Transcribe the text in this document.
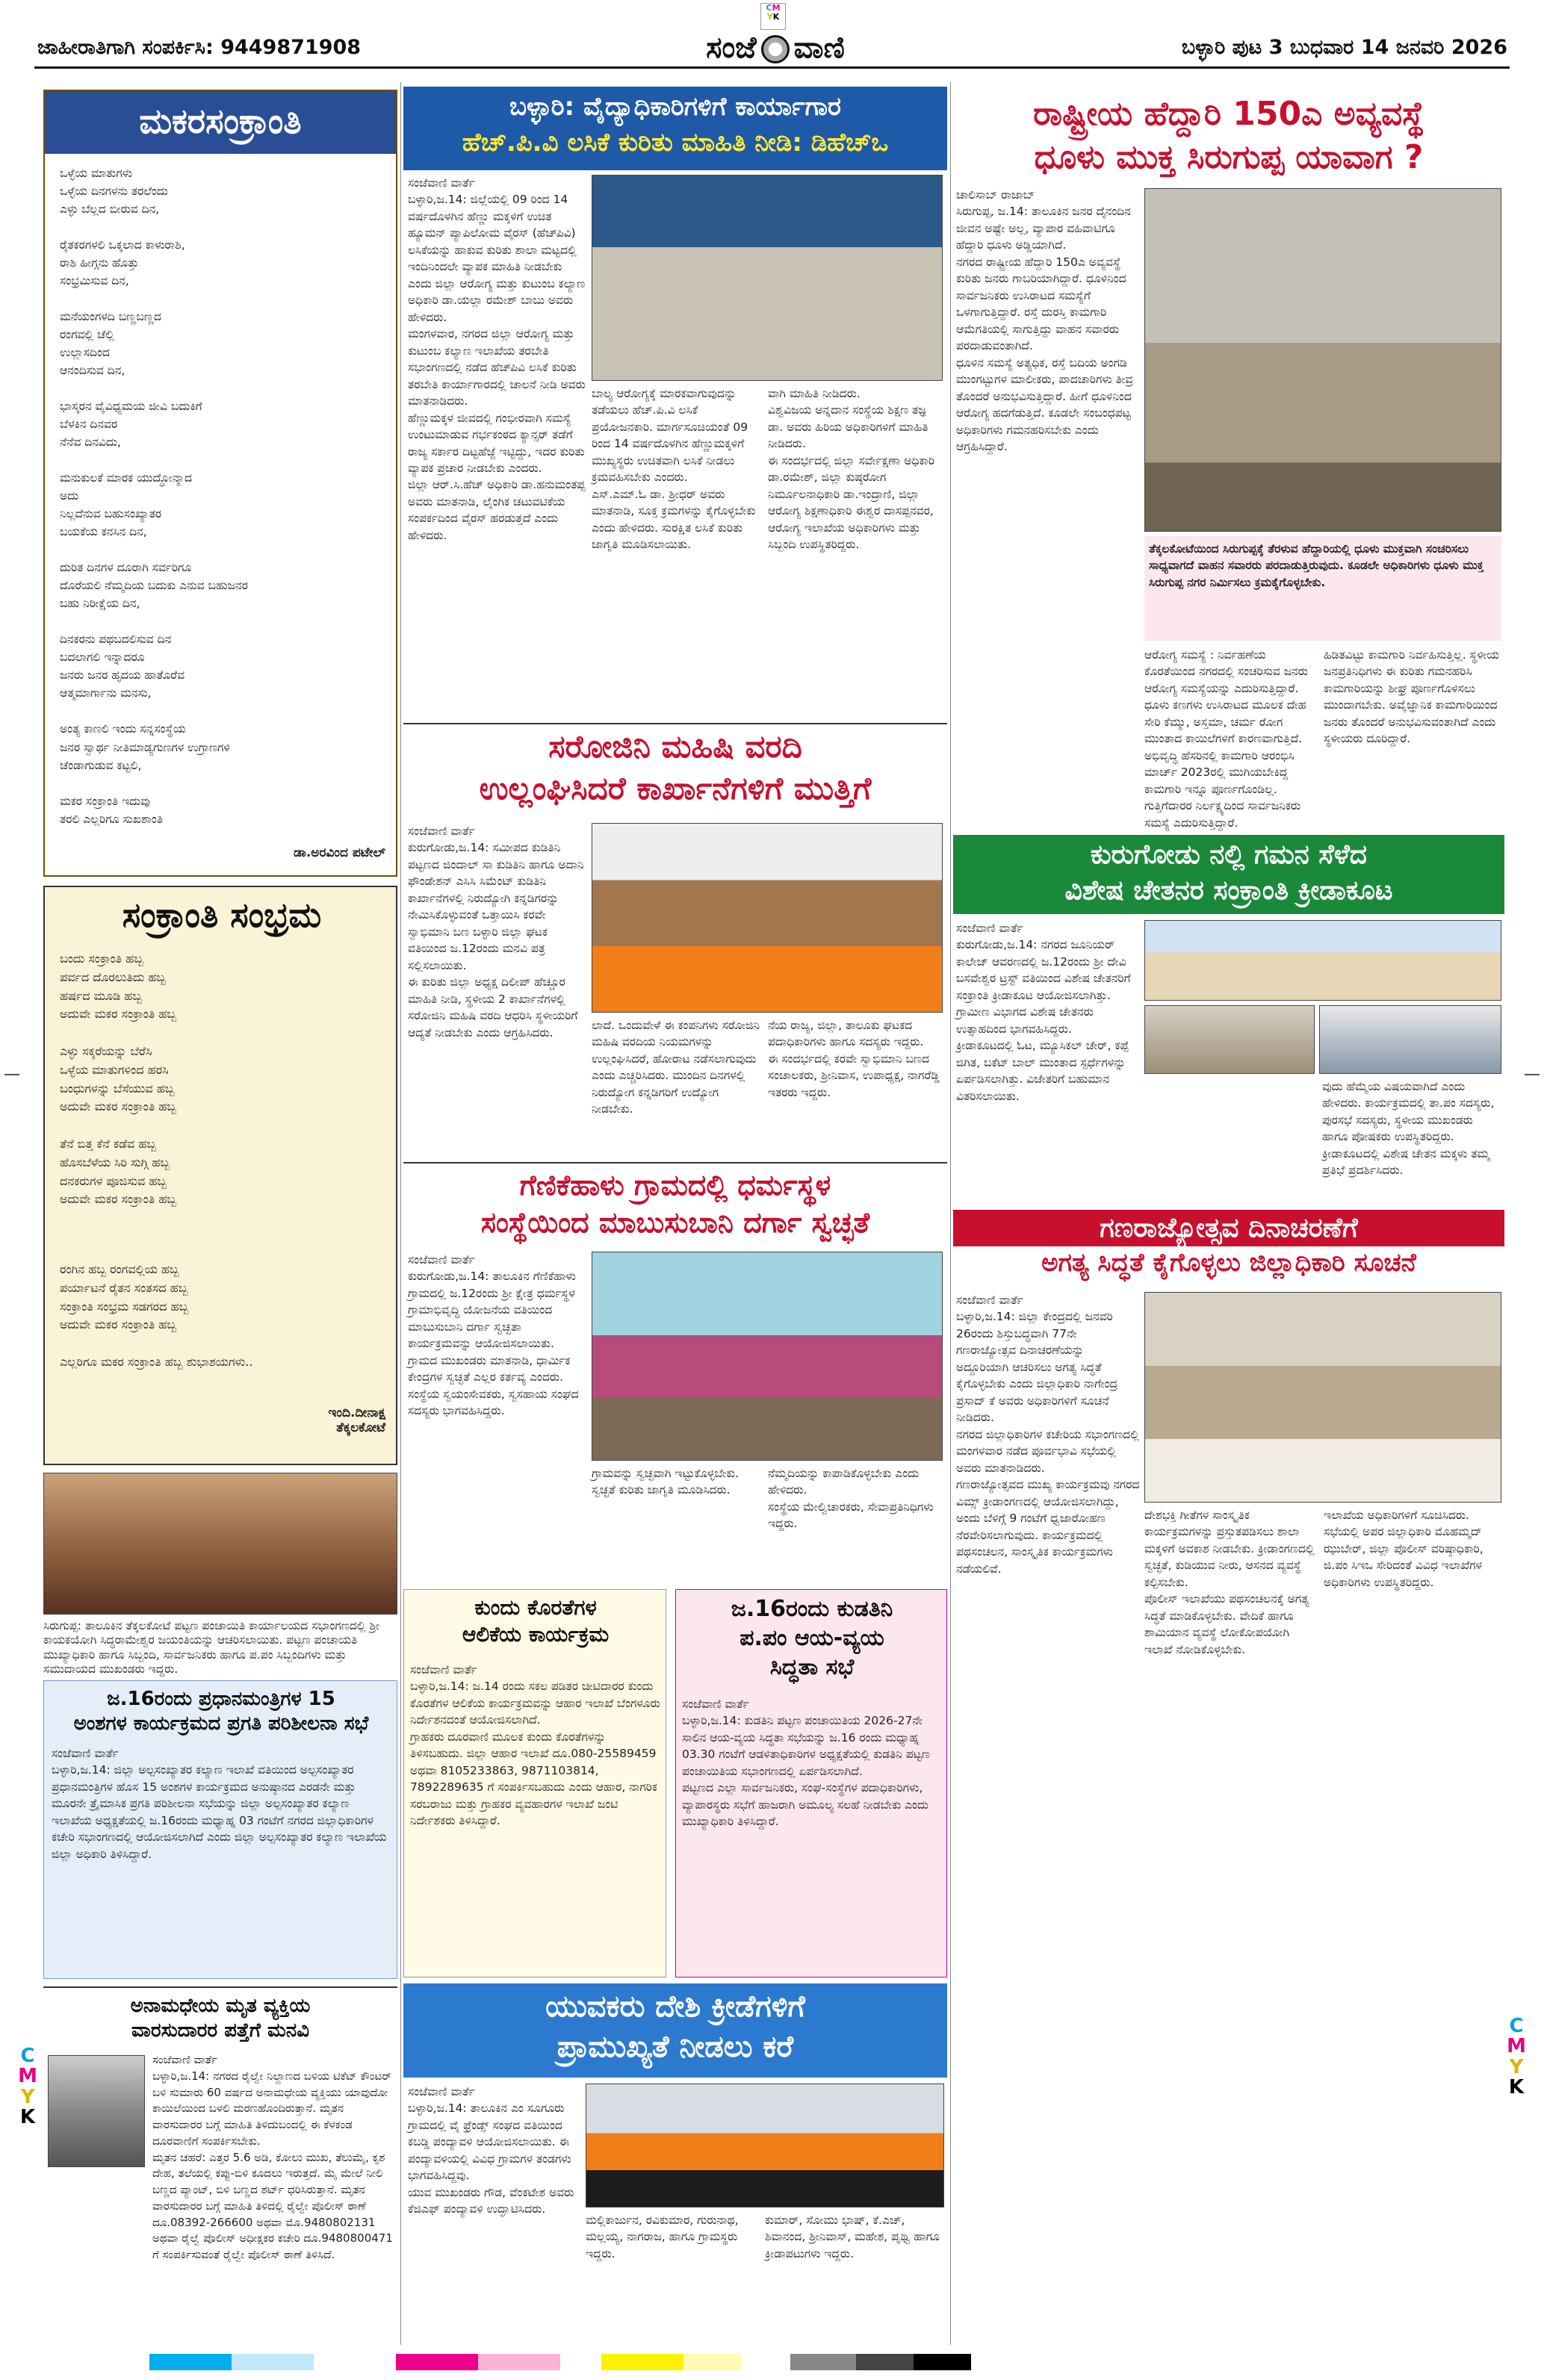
CM
YK
C
M
Y
K
C
M
Y
K
ಜಾಹೀರಾತಿಗಾಗಿ ಸಂಪರ್ಕಿಸಿ: 9449871908	ಸಂಜೆ ವಾಣಿ	ಬಳ್ಳಾರಿ ಪುಟ 3 ಬುಧವಾರ 14 ಜನವರಿ 2026
ಮಕರಸಂಕ್ರಾಂತಿ
ಒಳ್ಳೆಯ ಮಾತುಗಳು
ಒಳ್ಳೆಯ ದಿನಗಳನು ತರಲೆಂದು
ಎಳ್ಳು ಬೆಲ್ಲದ ಬೀರುವ ದಿನ,

ರೈತಕರಗಳಲಿ ಒಕ್ಕಲಾದ ಕಾಳುರಾಶಿ,
ರಾಶಿ ಹೀಗ್ಗನು ಹೊತ್ತು
ಸಂಭ್ರಮಿಸುವ ದಿನ,

ಮನೆಯಂಗಳದಿ ಬಣ್ಣಬಣ್ಣದ
ರಂಗವಲ್ಲಿ ಚೆಲ್ಲಿ
ಉಲ್ಲಾಸದಿಂದ
ಆನಂದಿಸುವ ದಿನ,

ಭಾಸ್ಕರನ ವೈವಿಧ್ಯಮಯ ಜೀವಿ ಬದುಕಿಗೆ
ಬೆಳಕಿನ ದಿನವರ
ನೆನೆವ ದಿನವಿದು,

ಮನುಕುಲಕೆ ಮಾರಕ ಯುದ್ಧೋನ್ಮಾದ
ಅದು
ನಿಲ್ಲದೆನುವ ಬಹುಸಂಖ್ಯಾತರ
ಬಯಕೆಯ ಕನಸಿನ ದಿನ,

ದುರಿತ ದಿನಗಳ ದೂರಾಗಿ ಸರ್ವರಿಗೂ
ದೊರೆಯಲಿ ನೆಮ್ಮದಿಯ ಬದುಕು ಎನುವ ಬಹುಜನರ
ಬಹು ನಿರೀಕ್ಷೆಯ ದಿನ,

ದಿನಕರನು ಪಥಬದಲಿಸುವ ದಿನ
ಬದಲಾಗಲಿ ಇನ್ನಾದರೂ
ಜನರು ಜನರ ಹೃದಯ ಹಾತೊರೆವ
ಆತ್ಮಮಾರ್ಗಾನು ಮನಸು,

ಅಂತ್ಯ ಕಾಣಲಿ ಇಂದು ಸನ್ನಸಂಸ್ಥೆಯ
ಜನರ ಸ್ವಾರ್ಥ ನೀತಿಮಾಡ್ಯಗುಣಗಳ ಉಗ್ರಾಣಗಳಿ
ಚೆಂಡಾಗುಡುವ ಕಟ್ಟಲಿ,

ಮಕರ ಸಂಕ್ರಾಂತಿ ಇದುವು
ತರಲಿ ಎಲ್ಲರಿಗೂ ಸುಖಶಾಂತಿ
ಡಾ.ಅರವಿಂದ ಪಟೇಲ್
ಸಂಕ್ರಾಂತಿ ಸಂಭ್ರಮ
ಬಂದು ಸಂಕ್ರಾಂತಿ ಹಬ್ಬ
ಪರ್ವದ ದೊರಲುತಿದು ಹಬ್ಬ
ಹರ್ಷದ ಮೂಡಿ ಹಬ್ಬ
ಅದುವೇ ಮಕರ ಸಂಕ್ರಾಂತಿ ಹಬ್ಬ

ಎಳ್ಳು ಸಕ್ಕರೆಯನ್ನು ಬೆರೆಸಿ
ಒಳ್ಳೆಯ ಮಾತುಗಳಿಂದ ಹರಸಿ
ಬಂಧುಗಳನ್ನು ಬೆಸೆಯುವ ಹಬ್ಬ
ಅದುವೇ ಮಕರ ಸಂಕ್ರಾಂತಿ ಹಬ್ಬ

ತೆನೆ ಬಿತ್ತ ಕೆನೆ ಕಡೆವ ಹಬ್ಬ
ಹೊಸಬೆಳೆಯ ಸಿರಿ ಸುಗ್ಗಿ ಹಬ್ಬ
ದನಕರುಗಳ ಪೂಜಿಸುವ ಹಬ್ಬ
ಅದುವೇ ಮಕರ ಸಂಕ್ರಾಂತಿ ಹಬ್ಬ
ರಂಗಿನ ಹಬ್ಬ ರಂಗವಲ್ಲಿಯ ಹಬ್ಬ
ಪರ್ಯಾಟನೆ ರೈತನ ಸಂತಸದ ಹಬ್ಬ
ಸಂಕ್ರಾಂತಿ ಸಂಭ್ರಮ ಸಡಗರದ ಹಬ್ಬ
ಅದುವೇ ಮಕರ ಸಂಕ್ರಾಂತಿ ಹಬ್ಬ

ಎಲ್ಲರಿಗೂ ಮಕರ ಸಂಕ್ರಾಂತಿ ಹಬ್ಬ ಶುಭಾಶಯಗಳು..
ಇಂದಿ.ದೀನಾಕ್ಷ
ತೆಕ್ಕಲಕೋಟೆ
ಸಿರುಗುಪ್ಪ: ತಾಲೂಕಿನ ತೆಕ್ಕಲಕೋಟೆ ಪಟ್ಟಣ ಪಂಚಾಯಿತಿ ಕಾರ್ಯಾಲಯದ ಸಭಾಂಗಣದಲ್ಲಿ ಶ್ರೀ ಕಾಯಕಯೋಗಿ ಸಿದ್ಧರಾಮೇಶ್ವರ ಜಯಂತಿಯನ್ನು ಆಚರಿಸಲಾಯಿತು. ಪಟ್ಟಣ ಪಂಚಾಯತಿ ಮುಖ್ಯಾಧಿಕಾರಿ ಹಾಗೂ ಸಿಬ್ಬಂದಿ, ಸಾರ್ವಜನಿಕರು ಹಾಗೂ ಪ.ಪಂ ಸಿಬ್ಬಂದಿಗಳು ಮತ್ತು ಸಮುದಾಯದ ಮುಖಂಡರು ಇದ್ದರು.
ಜ.16ರಂದು ಪ್ರಧಾನಮಂತ್ರಿಗಳ 15
ಅಂಶಗಳ ಕಾರ್ಯಕ್ರಮದ ಪ್ರಗತಿ ಪರಿಶೀಲನಾ ಸಭೆ
ಸಂಜೆವಾಣಿ ವಾರ್ತೆ
ಬಳ್ಳಾರಿ,ಜ.14: ಜಿಲ್ಲಾ ಅಲ್ಪಸಂಖ್ಯಾತರ ಕಲ್ಯಾಣ ಇಲಾಖೆ ವತಿಯಿಂದ ಅಲ್ಪಸಂಖ್ಯಾತರ ಪ್ರಧಾನಮಂತ್ರಿಗಳ ಹೊಸ 15 ಅಂಶಗಳ ಕಾರ್ಯಕ್ರಮದ ಅನುಷ್ಠಾನದ ಎರಡನೇ ಮತ್ತು ಮೂರನೇ ತ್ರೈಮಾಸಿಕ ಪ್ರಗತಿ ಪರಿಶೀಲನಾ ಸಭೆಯನ್ನು ಜಿಲ್ಲಾ ಅಲ್ಪಸಂಖ್ಯಾತರ ಕಲ್ಯಾಣ ಇಲಾಖೆಯ ಅಧ್ಯಕ್ಷತೆಯಲ್ಲಿ ಜ.16ರಂದು ಮಧ್ಯಾಹ್ನ 03 ಗಂಟೆಗೆ ನಗರದ ಜಿಲ್ಲಾಧಿಕಾರಿಗಳ ಕಚೇರಿ ಸಭಾಂಗಣದಲ್ಲಿ ಆಯೋಜಿಸಲಾಗಿದೆ ಎಂದು ಜಿಲ್ಲಾ ಅಲ್ಪಸಂಖ್ಯಾತರ ಕಲ್ಯಾಣ ಇಲಾಖೆಯ ಜಿಲ್ಲಾ ಅಧಿಕಾರಿ ತಿಳಿಸಿದ್ದಾರೆ.
ಅನಾಮಧೇಯ ಮೃತ ವ್ಯಕ್ತಿಯ
ವಾರಸುದಾರರ ಪತ್ತೆಗೆ ಮನವಿ
ಸಂಜೆವಾಣಿ ವಾರ್ತೆ
ಬಳ್ಳಾರಿ,ಜ.14: ನಗರದ ರೈಲ್ವೇ ನಿಲ್ದಾಣದ ಬಳಿಯ ಟಿಕೆಟ್ ಕೌಂಟರ್ ಬಳಿ ಸುಮಾರು 60 ವರ್ಷದ ಅನಾಮಧೇಯ ವ್ಯಕ್ತಿಯು ಯಾವುದೋ ಕಾಯಿಲೆಯಿಂದ ಬಳಲಿ ಮರಣಹೊಂದಿರುತ್ತಾನೆ. ಮೃತನ ವಾರಸುದಾರರ ಬಗ್ಗೆ ಮಾಹಿತಿ ತಿಳಿದುಬಂದಲ್ಲಿ ಈ ಕೆಳಕಂಡ ದೂರವಾಣಿಗೆ ಸಂಪರ್ಕಿಸಬೇಕು.
ಮೃತನ ಚಹರೆ: ಎತ್ತರ 5.6 ಅಡಿ, ಕೋಲು ಮುಖ, ತೆಲುಮೈ, ಕೃಶ ದೇಹ, ತಲೆಯಲ್ಲಿ ಕಪ್ಪು-ಬಿಳಿ ಕೂದಲು ಇರುತ್ತದೆ. ಮೈ ಮೇಲೆ ನೀಲಿ ಬಣ್ಣದ ಪ್ಯಾಂಟ್, ಬಿಳಿ ಬಣ್ಣದ ಶರ್ಟ್ ಧರಿಸಿರುತ್ತಾನೆ. ಮೃತನ ವಾರಸುದಾರರ ಬಗ್ಗೆ ಮಾಹಿತಿ ತಿಳಿದಲ್ಲಿ ರೈಲ್ವೇ ಪೊಲೀಸ್ ಠಾಣೆ ದೂ.08392-266600 ಅಥವಾ ಮೊ.9480802131 ಅಥವಾ ರೈಲ್ವೆ ಪೊಲೀಸ್ ಅಧೀಕ್ಷಕರ ಕಚೇರಿ ದೂ.9480800471 ಗೆ ಸಂಪರ್ಕಿಸುವಂತೆ ರೈಲ್ವೇ ಪೊಲೀಸ್ ಠಾಣೆ ತಿಳಿಸಿದೆ.
ಬಳ್ಳಾರಿ: ವೈದ್ಯಾಧಿಕಾರಿಗಳಿಗೆ ಕಾರ್ಯಾಗಾರ
ಹೆಚ್.ಪಿ.ವಿ ಲಸಿಕೆ ಕುರಿತು ಮಾಹಿತಿ ನೀಡಿ: ಡಿಹೆಚ್ಒ
ಸಂಜೆವಾಣಿ ವಾರ್ತೆ
ಬಳ್ಳಾರಿ,ಜ.14: ಜಿಲ್ಲೆಯಲ್ಲಿ 09 ರಿಂದ 14 ವರ್ಷದೊಳಗಿನ ಹೆಣ್ಣು ಮಕ್ಕಳಿಗೆ ಉಚಿತ ಹ್ಯೂಮನ್ ಪ್ಯಾಪಿಲೋಮ ವೈರಸ್ (ಹೆಚ್‍ಪಿವಿ) ಲಸಿಕೆಯನ್ನು ಹಾಕುವ ಕುರಿತು ಶಾಲಾ ಮಟ್ಟದಲ್ಲಿ ಇಂದಿನಿಂದಲೇ ವ್ಯಾಪಕ ಮಾಹಿತಿ ನೀಡಬೇಕು ಎಂದು ಜಿಲ್ಲಾ ಆರೋಗ್ಯ ಮತ್ತು ಕುಟುಂಬ ಕಲ್ಯಾಣ ಅಧಿಕಾರಿ ಡಾ.ಯಲ್ಲಾ ರಮೇಶ್ ಬಾಬು ಅವರು ಹೇಳಿದರು.
ಮಂಗಳವಾರ, ನಗರದ ಜಿಲ್ಲಾ ಆರೋಗ್ಯ ಮತ್ತು ಕುಟುಂಬ ಕಲ್ಯಾಣ ಇಲಾಖೆಯ ತರಬೇತಿ ಸಭಾಂಗಣದಲ್ಲಿ ನಡೆದ ಹೆಚ್‍ಪಿವಿ ಲಸಿಕೆ ಕುರಿತು ತರಬೇತಿ ಕಾರ್ಯಾಗಾರದಲ್ಲಿ ಚಾಲನೆ ನೀಡಿ ಅವರು ಮಾತನಾಡಿದರು.
ಹೆಣ್ಣುಮಕ್ಕಳ ಜೀವದಲ್ಲಿ ಗಂಭೀರವಾಗಿ ಸಮಸ್ಯೆ ಉಂಟುಮಾಡುವ ಗರ್ಭಕಂಠದ ಕ್ಯಾನ್ಸರ್ ತಡೆಗೆ ರಾಜ್ಯ ಸರ್ಕಾರ ದಿಟ್ಟಹೆಜ್ಜೆ ಇಟ್ಟಿದ್ದು, ಇದರ ಕುರಿತು ವ್ಯಾಪಕ ಪ್ರಚಾರ ನೀಡಬೇಕು ಎಂದರು.
ಜಿಲ್ಲಾ ಆರ್‌.ಸಿ.ಹೆಚ್ ಅಧಿಕಾರಿ ಡಾ.ಹನುಮಂತಪ್ಪ ಅವರು ಮಾತನಾಡಿ, ಲೈಂಗಿಕ ಚಟುವಟಿಕೆಯ ಸಂಪರ್ಕದಿಂದ ವೈರಸ್ ಹರಡುತ್ತದೆ ಎಂದು ಹೇಳಿದರು.
ಬಾಲ್ಯ ಆರೋಗ್ಯಕ್ಕೆ ಮಾರಕವಾಗುವುದನ್ನು ತಡೆಯಲು ಹೆಚ್.ಪಿ.ವಿ ಲಸಿಕೆ ಪ್ರಯೋಜನಕಾರಿ. ಮಾರ್ಗಸೂಚಿಯಂತೆ 09 ರಿಂದ 14 ವರ್ಷದೊಳಗಿನ ಹೆಣ್ಣುಮಕ್ಕಳಿಗೆ ಮುಖ್ಯಸ್ಥರು ಉಚಿತವಾಗಿ ಲಸಿಕೆ ನೀಡಲು ಕ್ರಮವಹಿಸಬೇಕು ಎಂದರು.
ಎಸ್.ಎಮ್.ಓ ಡಾ. ಶ್ರೀಧರ್ ಅವರು ಮಾತನಾಡಿ, ಸೂಕ್ತ ಕ್ರಮಗಳನ್ನು ಕೈಗೊಳ್ಳಬೇಕು ಎಂದು ಹೇಳಿದರು. ಸುರಕ್ಷಿತ ಲಸಿಕೆ ಕುರಿತು ಜಾಗೃತಿ ಮೂಡಿಸಲಾಯಿತು.
ವಾಗಿ ಮಾಹಿತಿ ನೀಡಿದರು.
ವಿಶ್ವವಿಜಯ ಅನ್ನದಾನ ಸಂಸ್ಥೆಯ ಶಿಕ್ಷಣ ತಜ್ಞ ಡಾ. ಅವರು ಹಿರಿಯ ಅಧಿಕಾರಿಗಳಿಗೆ ಮಾಹಿತಿ ನೀಡಿದರು.
ಈ ಸಂದರ್ಭದಲ್ಲಿ ಜಿಲ್ಲಾ ಸರ್ವೇಕ್ಷಣಾ ಅಧಿಕಾರಿ ಡಾ.ರಮೇಶ್, ಜಿಲ್ಲಾ ಕುಷ್ಠರೋಗ ನಿರ್ಮೂಲನಾಧಿಕಾರಿ ಡಾ.ಇಂದ್ರಾಣಿ, ಜಿಲ್ಲಾ ಆರೋಗ್ಯ ಶಿಕ್ಷಣಾಧಿಕಾರಿ ಈಶ್ವರ ದಾಸಪ್ಪನವರ, ಆರೋಗ್ಯ ಇಲಾಖೆಯ ಅಧಿಕಾರಿಗಳು ಮತ್ತು ಸಿಬ್ಬಂದಿ ಉಪಸ್ಥಿತರಿದ್ದರು.
ಸರೋಜಿನಿ ಮಹಿಷಿ ವರದಿ
ಉಲ್ಲಂಘಿಸಿದರೆ ಕಾರ್ಖಾನೆಗಳಿಗೆ ಮುತ್ತಿಗೆ
ಸಂಜೆವಾಣಿ ವಾರ್ತೆ
ಕುರುಗೋಡು,ಜ.14: ಸಮೀಪದ ಕುಡಿತಿನಿ ಪಟ್ಟಣದ ಜಿಂದಾಲ್ ಸಾ ಕುಡಿತಿನಿ ಹಾಗೂ ಅದಾನಿ ಫೌಂಡೇಶನ್ ಎಸಿಸಿ ಸಿಮೆಂಟ್ ಕುಡಿತಿನಿ ಕಾರ್ಖಾನೆಗಳಲ್ಲಿ ನಿರುದ್ಯೋಗಿ ಕನ್ನಡಿಗರನ್ನು ನೇಮಿಸಿಕೊಳ್ಳುವಂತೆ ಒತ್ತಾಯಿಸಿ ಕರವೇ ಸ್ವಾಭಿಮಾನಿ ಬಣ ಬಳ್ಳಾರಿ ಜಿಲ್ಲಾ ಘಟಕ ವತಿಯಿಂದ ಜ.12ರಂದು ಮನವಿ ಪತ್ರ ಸಲ್ಲಿಸಲಾಯಿತು.
ಈ ಕುರಿತು ಜಿಲ್ಲಾ ಅಧ್ಯಕ್ಷ ದಿಲೀಪ್ ಹೆಚ್ಚೂರ ಮಾಹಿತಿ ನೀಡಿ, ಸ್ಥಳೀಯ 2 ಕಾರ್ಖಾನೆಗಳಲ್ಲಿ ಸರೋಜಿನಿ ಮಹಿಷಿ ವರದಿ ಆಧರಿಸಿ ಸ್ಥಳೀಯರಿಗೆ ಆದ್ಯತೆ ನೀಡಬೇಕು ಎಂದು ಆಗ್ರಹಿಸಿದರು.
ಲಾದೆ. ಒಂದುವೇಳೆ ಈ ಕಂಪನಿಗಳು ಸರೋಜಿನಿ ಮಹಿಷಿ ವರದಿಯ ನಿಯಮಗಳನ್ನು ಉಲ್ಲಂಘಿಸಿದರೆ, ಹೋರಾಟ ನಡೆಸಲಾಗುವುದು ಎಂದು ಎಚ್ಚರಿಸಿದರು. ಮುಂದಿನ ದಿನಗಳಲ್ಲಿ ನಿರುದ್ಯೋಗ ಕನ್ನಡಿಗರಿಗೆ ಉದ್ಯೋಗ ನೀಡಬೇಕು.
ನೆಯ ರಾಜ್ಯ, ಜಿಲ್ಲಾ, ತಾಲೂಕು ಘಟಕದ ಪದಾಧಿಕಾರಿಗಳು ಹಾಗೂ ಸದಸ್ಯರು ಇದ್ದರು.
ಈ ಸಂದರ್ಭದಲ್ಲಿ ಕರವೇ ಸ್ವಾಭಿಮಾನಿ ಬಣದ ಸಂಚಾಲಕರು, ಶ್ರೀನಿವಾಸ, ಉಪಾಧ್ಯಕ್ಷ, ನಾಗರೆಡ್ಡಿ ಇತರರು ಇದ್ದರು.
ಗೆಣಿಕೆಹಾಳು ಗ್ರಾಮದಲ್ಲಿ ಧರ್ಮಸ್ಥಳ
ಸಂಸ್ಥೆಯಿಂದ ಮಾಬುಸುಬಾನಿ ದರ್ಗಾ ಸ್ವಚ್ಛತೆ
ಸಂಜೆವಾಣಿ ವಾರ್ತೆ
ಕುರುಗೋಡು,ಜ.14: ತಾಲೂಕಿನ ಗೆಣಿಕೆಹಾಳು ಗ್ರಾಮದಲ್ಲಿ ಜ.12ರಂದು ಶ್ರೀ ಕ್ಷೇತ್ರ ಧರ್ಮಸ್ಥಳ ಗ್ರಾಮಾಭಿವೃದ್ಧಿ ಯೋಜನೆಯ ವತಿಯಿಂದ ಮಾಬುಸುಬಾನಿ ದರ್ಗಾ ಸ್ವಚ್ಛತಾ ಕಾರ್ಯಕ್ರಮವನ್ನು ಆಯೋಜಿಸಲಾಯಿತು.
ಗ್ರಾಮದ ಮುಖಂಡರು ಮಾತನಾಡಿ, ಧಾರ್ಮಿಕ ಕೇಂದ್ರಗಳ ಸ್ವಚ್ಛತೆ ಎಲ್ಲರ ಕರ್ತವ್ಯ ಎಂದರು. ಸಂಸ್ಥೆಯ ಸ್ವಯಂಸೇವಕರು, ಸ್ವಸಹಾಯ ಸಂಘದ ಸದಸ್ಯರು ಭಾಗವಹಿಸಿದ್ದರು.
ಗ್ರಾಮವನ್ನು ಸ್ವಚ್ಛವಾಗಿ ಇಟ್ಟುಕೊಳ್ಳಬೇಕು. ಸ್ವಚ್ಛತೆ ಕುರಿತು ಜಾಗೃತಿ ಮೂಡಿಸಿದರು.
ನೆಮ್ಮದಿಯನ್ನು ಕಾಪಾಡಿಕೊಳ್ಳಬೇಕು ಎಂದು ಹೇಳಿದರು.
ಸಂಸ್ಥೆಯ ಮೇಲ್ವಿಚಾರಕರು, ಸೇವಾಪ್ರತಿನಿಧಿಗಳು ಇದ್ದರು.
ಕುಂದು ಕೊರತೆಗಳ
ಆಲಿಕೆಯ ಕಾರ್ಯಕ್ರಮ
ಸಂಜೆವಾಣಿ ವಾರ್ತೆ
ಬಳ್ಳಾರಿ,ಜ.14: ಜ.14 ರಂದು ಸಕಲ ಪಡಿತರ ಚೀಟಿದಾರರ ಕುಂದು ಕೊರತೆಗಳ ಆಲಿಕೆಯ ಕಾರ್ಯಕ್ರಮವನ್ನು ಆಹಾರ ಇಲಾಖೆ ಬೆಂಗಳೂರು ನಿರ್ದೇಶನದಂತೆ ಆಯೋಜಿಸಲಾಗಿದೆ.
ಗ್ರಾಹಕರು ದೂರವಾಣಿ ಮೂಲಕ ಕುಂದು ಕೊರತೆಗಳನ್ನು ತಿಳಿಸಬಹುದು. ಜಿಲ್ಲಾ ಆಹಾರ ಇಲಾಖೆ ದೂ.080-25589459 ಅಥವಾ 8105233863, 9871103814, 7892289635 ಗೆ ಸಂಪರ್ಕಿಸಬಹುದು ಎಂದು ಆಹಾರ, ನಾಗರಿಕ ಸರಬರಾಜು ಮತ್ತು ಗ್ರಾಹಕರ ವ್ಯವಹಾರಗಳ ಇಲಾಖೆ ಜಂಟಿ ನಿರ್ದೇಶಕರು ತಿಳಿಸಿದ್ದಾರೆ.
ಜ.16ರಂದು ಕುಡತಿನಿ
ಪ.ಪಂ ಆಯ-ವ್ಯಯ
ಸಿದ್ಧತಾ ಸಭೆ
ಸಂಜೆವಾಣಿ ವಾರ್ತೆ
ಬಳ್ಳಾರಿ,ಜ.14: ಕುಡತಿನಿ ಪಟ್ಟಣ ಪಂಚಾಯಿತಿಯ 2026-27ನೇ ಸಾಲಿನ ಆಯ-ವ್ಯಯ ಸಿದ್ಧತಾ ಸಭೆಯನ್ನು ಜ.16 ರಂದು ಮಧ್ಯಾಹ್ನ 03.30 ಗಂಟೆಗೆ ಆಡಳಿತಾಧಿಕಾರಿಗಳ ಅಧ್ಯಕ್ಷತೆಯಲ್ಲಿ ಕುಡತಿನಿ ಪಟ್ಟಣ ಪಂಚಾಯಿತಿಯ ಸಭಾಂಗಣದಲ್ಲಿ ಏರ್ಪಡಿಸಲಾಗಿದೆ.
ಪಟ್ಟಣದ ಎಲ್ಲಾ ಸಾರ್ವಜನಿಕರು, ಸಂಘ-ಸಂಸ್ಥೆಗಳ ಪದಾಧಿಕಾರಿಗಳು, ವ್ಯಾಪಾರಸ್ಥರು ಸಭೆಗೆ ಹಾಜರಾಗಿ ಅಮೂಲ್ಯ ಸಲಹೆ ನೀಡಬೇಕು ಎಂದು ಮುಖ್ಯಾಧಿಕಾರಿ ತಿಳಿಸಿದ್ದಾರೆ.
ಯುವಕರು ದೇಶಿ ಕ್ರೀಡೆಗಳಿಗೆ
ಪ್ರಾಮುಖ್ಯತೆ ನೀಡಲು ಕರೆ
ಸಂಜೆವಾಣಿ ವಾರ್ತೆ
ಬಳ್ಳಾರಿ,ಜ.14: ತಾಲೂಕಿನ ಎಂ ಸೂಗೂರು ಗ್ರಾಮದಲ್ಲಿ ವೈ ಫ್ರೆಂಡ್ಸ್ ಸಂಘದ ವತಿಯಿಂದ ಕಬಡ್ಡಿ ಪಂದ್ಯಾವಳಿ ಆಯೋಜಿಸಲಾಯಿತು. ಈ ಪಂದ್ಯಾವಳಿಯಲ್ಲಿ ವಿವಿಧ ಗ್ರಾಮಗಳ ತಂಡಗಳು ಭಾಗವಹಿಸಿದ್ದವು.
ಯುವ ಮುಖಂಡರು ಗೌಡ, ವೆಂಕಟೇಶ ಅವರು ಕೆಜಿಎಫ್ ಪಂದ್ಯಾವಳಿ ಉದ್ಘಾಟಿಸಿದರು.
ಮಲ್ಲಿಕಾರ್ಜುನ, ರವಿಕುಮಾರ, ಗುರುನಾಥ, ಮಲ್ಲಯ್ಯ, ನಾಗರಾಜ, ಹಾಗೂ ಗ್ರಾಮಸ್ಥರು ಇದ್ದರು.
ಕುಮಾರ್, ಸೋಮು ಭಾಷ್, ಕೆ.ಎಚ್, ಶಿವಾನಂದ, ಶ್ರೀನಿವಾಸ್, ಮಹೇಶ, ಪೃಥ್ವಿ ಹಾಗೂ ಕ್ರೀಡಾಪಟುಗಳು ಇದ್ದರು.
ರಾಷ್ಟ್ರೀಯ ಹೆದ್ದಾರಿ 150ಎ ಅವ್ಯವಸ್ಥೆ
ಧೂಳು ಮುಕ್ತ ಸಿರುಗುಪ್ಪ ಯಾವಾಗ ?
ಚಾಲಿಸಾಬ್ ರಾಜಾಬ್
ಸಿರುಗುಪ್ಪ, ಜ.14: ತಾಲೂಕಿನ ಜನರ ದೈನಂದಿನ ಜೀವನ ಅಷ್ಟೇ ಅಲ್ಲ, ವ್ಯಾಪಾರ ವಹಿವಾಟಿಗೂ ಹೆದ್ದಾರಿ ಧೂಳು ಅಡ್ಡಿಯಾಗಿದೆ.
ನಗರದ ರಾಷ್ಟ್ರೀಯ ಹೆದ್ದಾರಿ 150ಎ ಅವ್ಯವಸ್ಥೆ ಕುರಿತು ಜನರು ಗಾಬರಿಯಾಗಿದ್ದಾರೆ. ಧೂಳಿನಿಂದ ಸಾರ್ವಜನಿಕರು ಉಸಿರಾಟದ ಸಮಸ್ಯೆಗೆ ಒಳಗಾಗುತ್ತಿದ್ದಾರೆ. ರಸ್ತೆ ದುರಸ್ತಿ ಕಾಮಗಾರಿ ಆಮೆಗತಿಯಲ್ಲಿ ಸಾಗುತ್ತಿದ್ದು ವಾಹನ ಸವಾರರು ಪರದಾಡುವಂತಾಗಿದೆ.
ಧೂಳಿನ ಸಮಸ್ಯೆ ಅತ್ಯಧಿಕ, ರಸ್ತೆ ಬದಿಯ ಅಂಗಡಿ ಮುಂಗಟ್ಟುಗಳ ಮಾಲೀಕರು, ಪಾದಚಾರಿಗಳು ತೀವ್ರ ತೊಂದರೆ ಅನುಭವಿಸುತ್ತಿದ್ದಾರೆ. ಹೀಗೆ ಧೂಳಿನಿಂದ ಆರೋಗ್ಯ ಹದಗೆಡುತ್ತಿದೆ. ಕೂಡಲೇ ಸಂಬಂಧಪಟ್ಟ ಅಧಿಕಾರಿಗಳು ಗಮನಹರಿಸಬೇಕು ಎಂದು ಆಗ್ರಹಿಸಿದ್ದಾರೆ.
ತೆಕ್ಕಲಕೋಟೆಯಿಂದ ಸಿರುಗುಪ್ಪಕ್ಕೆ ತೆರಳುವ ಹೆದ್ದಾರಿಯಲ್ಲಿ ಧೂಳು ಮುಕ್ತವಾಗಿ ಸಂಚರಿಸಲು ಸಾಧ್ಯವಾಗದೆ ವಾಹನ ಸವಾರರು ಪರದಾಡುತ್ತಿರುವುದು. ಕೂಡಲೇ ಅಧಿಕಾರಿಗಳು ಧೂಳು ಮುಕ್ತ ಸಿರುಗುಪ್ಪ ನಗರ ನಿರ್ಮಿಸಲು ಕ್ರಮಕೈಗೊಳ್ಳಬೇಕು.
ಆರೋಗ್ಯ ಸಮಸ್ಯೆ : ನಿರ್ವಹಣೆಯ ಕೊರತೆಯಿಂದ ನಗರದಲ್ಲಿ ಸಂಚರಿಸುವ ಜನರು ಆರೋಗ್ಯ ಸಮಸ್ಯೆಯನ್ನು ಎದುರಿಸುತ್ತಿದ್ದಾರೆ. ಧೂಳು ಕಣಗಳು ಉಸಿರಾಟದ ಮೂಲಕ ದೇಹ ಸೇರಿ ಕೆಮ್ಮು, ಅಸ್ತಮಾ, ಚರ್ಮ ರೋಗ ಮುಂತಾದ ಕಾಯಿಲೆಗಳಿಗೆ ಕಾರಣವಾಗುತ್ತಿದೆ.
ಅಭಿವೃದ್ಧಿ ಹೆಸರಿನಲ್ಲಿ ಕಾಮಗಾರಿ ಆರಂಭಿಸಿ ಮಾರ್ಚ್ 2023ರಲ್ಲಿ ಮುಗಿಯಬೇಕಿದ್ದ ಕಾಮಗಾರಿ ಇನ್ನೂ ಪೂರ್ಣಗೊಂಡಿಲ್ಲ. ಗುತ್ತಿಗೆದಾರರ ನಿರ್ಲಕ್ಷ್ಯದಿಂದ ಸಾರ್ವಜನಿಕರು ಸಮಸ್ಯೆ ಎದುರಿಸುತ್ತಿದ್ದಾರೆ.
ಹಿಡಿತವಿಟ್ಟು ಕಾಮಗಾರಿ ನಿರ್ವಹಿಸುತ್ತಿಲ್ಲ. ಸ್ಥಳೀಯ ಜನಪ್ರತಿನಿಧಿಗಳು ಈ ಕುರಿತು ಗಮನಹರಿಸಿ ಕಾಮಗಾರಿಯನ್ನು ಶೀಘ್ರ ಪೂರ್ಣಗೊಳಿಸಲು ಮುಂದಾಗಬೇಕು. ಅವೈಜ್ಞಾನಿಕ ಕಾಮಗಾರಿಯಿಂದ ಜನರು ತೊಂದರೆ ಅನುಭವಿಸುವಂತಾಗಿದೆ ಎಂದು ಸ್ಥಳೀಯರು ದೂರಿದ್ದಾರೆ.
ಕುರುಗೋಡು ನಲ್ಲಿ ಗಮನ ಸೆಳೆದ
ವಿಶೇಷ ಚೇತನರ ಸಂಕ್ರಾಂತಿ ಕ್ರೀಡಾಕೂಟ
ಸಂಜೆವಾಣಿ ವಾರ್ತೆ
ಕುರುಗೋಡು,ಜ.14: ನಗರದ ಜೂನಿಯರ್ ಕಾಲೇಜ್ ಆವರಣದಲ್ಲಿ ಜ.12ರಂದು ಶ್ರೀ ದೇವಿ ಬಸವೇಶ್ವರ ಟ್ರಸ್ಟ್ ವತಿಯಿಂದ ವಿಶೇಷ ಚೇತನರಿಗೆ ಸಂಕ್ರಾಂತಿ ಕ್ರೀಡಾಕೂಟ ಆಯೋಜಿಸಲಾಗಿತ್ತು. ಗ್ರಾಮೀಣ ವಿಭಾಗದ ವಿಶೇಷ ಚೇತನರು ಉತ್ಸಾಹದಿಂದ ಭಾಗವಹಿಸಿದ್ದರು.
ಕ್ರೀಡಾಕೂಟದಲ್ಲಿ ಓಟ, ಮ್ಯೂಸಿಕಲ್ ಚೇರ್, ಕಪ್ಪೆ ಜಿಗಿತ, ಬಕೆಟ್ ಬಾಲ್ ಮುಂತಾದ ಸ್ಪರ್ಧೆಗಳನ್ನು ಏರ್ಪಡಿಸಲಾಗಿತ್ತು. ವಿಜೇತರಿಗೆ ಬಹುಮಾನ ವಿತರಿಸಲಾಯಿತು.
ವುದು ಹೆಮ್ಮೆಯ ವಿಷಯವಾಗಿದೆ ಎಂದು ಹೇಳಿದರು. ಕಾರ್ಯಕ್ರಮದಲ್ಲಿ ತಾ.ಪಂ ಸದಸ್ಯರು, ಪುರಸಭೆ ಸದಸ್ಯರು, ಸ್ಥಳೀಯ ಮುಖಂಡರು ಹಾಗೂ ಪೋಷಕರು ಉಪಸ್ಥಿತರಿದ್ದರು. ಕ್ರೀಡಾಕೂಟದಲ್ಲಿ ವಿಶೇಷ ಚೇತನ ಮಕ್ಕಳು ತಮ್ಮ ಪ್ರತಿಭೆ ಪ್ರದರ್ಶಿಸಿದರು.
ಗಣರಾಜ್ಯೋತ್ಸವ ದಿನಾಚರಣೆಗೆ
ಅಗತ್ಯ ಸಿದ್ಧತೆ ಕೈಗೊಳ್ಳಲು ಜಿಲ್ಲಾಧಿಕಾರಿ ಸೂಚನೆ
ಸಂಜೆವಾಣಿ ವಾರ್ತೆ
ಬಳ್ಳಾರಿ,ಜ.14: ಜಿಲ್ಲಾ ಕೇಂದ್ರದಲ್ಲಿ ಜನವರಿ 26ರಂದು ಶಿಸ್ತುಬದ್ಧವಾಗಿ 77ನೇ ಗಣರಾಜ್ಯೋತ್ಸವ ದಿನಾಚರಣೆಯನ್ನು ಅದ್ದೂರಿಯಾಗಿ ಆಚರಿಸಲು ಅಗತ್ಯ ಸಿದ್ಧತೆ ಕೈಗೊಳ್ಳಬೇಕು ಎಂದು ಜಿಲ್ಲಾಧಿಕಾರಿ ನಾಗೇಂದ್ರ ಪ್ರಸಾದ್ ಕೆ ಅವರು ಅಧಿಕಾರಿಗಳಿಗೆ ಸೂಚನೆ ನೀಡಿದರು.
ನಗರದ ಜಿಲ್ಲಾಧಿಕಾರಿಗಳ ಕಚೇರಿಯ ಸಭಾಂಗಣದಲ್ಲಿ ಮಂಗಳವಾರ ನಡೆದ ಪೂರ್ವಭಾವಿ ಸಭೆಯಲ್ಲಿ ಅವರು ಮಾತನಾಡಿದರು.
ಗಣರಾಜ್ಯೋತ್ಸವದ ಮುಖ್ಯ ಕಾರ್ಯಕ್ರಮವು ನಗರದ ವಿಮ್ಸ್ ಕ್ರೀಡಾಂಗಣದಲ್ಲಿ ಆಯೋಜಿಸಲಾಗಿದ್ದು, ಅಂದು ಬೆಳಿಗ್ಗೆ 9 ಗಂಟೆಗೆ ಧ್ವಜಾರೋಹಣ ನೆರವೇರಿಸಲಾಗುವುದು. ಕಾರ್ಯಕ್ರಮದಲ್ಲಿ ಪಥಸಂಚಲನ, ಸಾಂಸ್ಕೃತಿಕ ಕಾರ್ಯಕ್ರಮಗಳು ನಡೆಯಲಿವೆ.
ದೇಶಭಕ್ತಿ ಗೀತೆಗಳ ಸಾಂಸ್ಕೃತಿಕ ಕಾರ್ಯಕ್ರಮಗಳನ್ನು ಪ್ರಸ್ತುತಪಡಿಸಲು ಶಾಲಾ ಮಕ್ಕಳಿಗೆ ಅವಕಾಶ ನೀಡಬೇಕು. ಕ್ರೀಡಾಂಗಣದಲ್ಲಿ ಸ್ವಚ್ಛತೆ, ಕುಡಿಯುವ ನೀರು, ಆಸನದ ವ್ಯವಸ್ಥೆ ಕಲ್ಪಿಸಬೇಕು.
ಪೊಲೀಸ್ ಇಲಾಖೆಯು ಪಥಸಂಚಲನಕ್ಕೆ ಅಗತ್ಯ ಸಿದ್ಧತೆ ಮಾಡಿಕೊಳ್ಳಬೇಕು. ವೇದಿಕೆ ಹಾಗೂ ಶಾಮಿಯಾನ ವ್ಯವಸ್ಥೆ ಲೋಕೋಪಯೋಗಿ ಇಲಾಖೆ ನೋಡಿಕೊಳ್ಳಬೇಕು.
ಇಲಾಖೆಯ ಅಧಿಕಾರಿಗಳಿಗೆ ಸೂಚಿಸಿದರು.
ಸಭೆಯಲ್ಲಿ ಅಪರ ಜಿಲ್ಲಾಧಿಕಾರಿ ಮೊಹಮ್ಮದ್ ಝುಬೇರ್, ಜಿಲ್ಲಾ ಪೊಲೀಸ್ ವರಿಷ್ಠಾಧಿಕಾರಿ, ಜಿ.ಪಂ ಸಿಇಒ ಸೇರಿದಂತೆ ವಿವಿಧ ಇಲಾಖೆಗಳ ಅಧಿಕಾರಿಗಳು ಉಪಸ್ಥಿತರಿದ್ದರು.
